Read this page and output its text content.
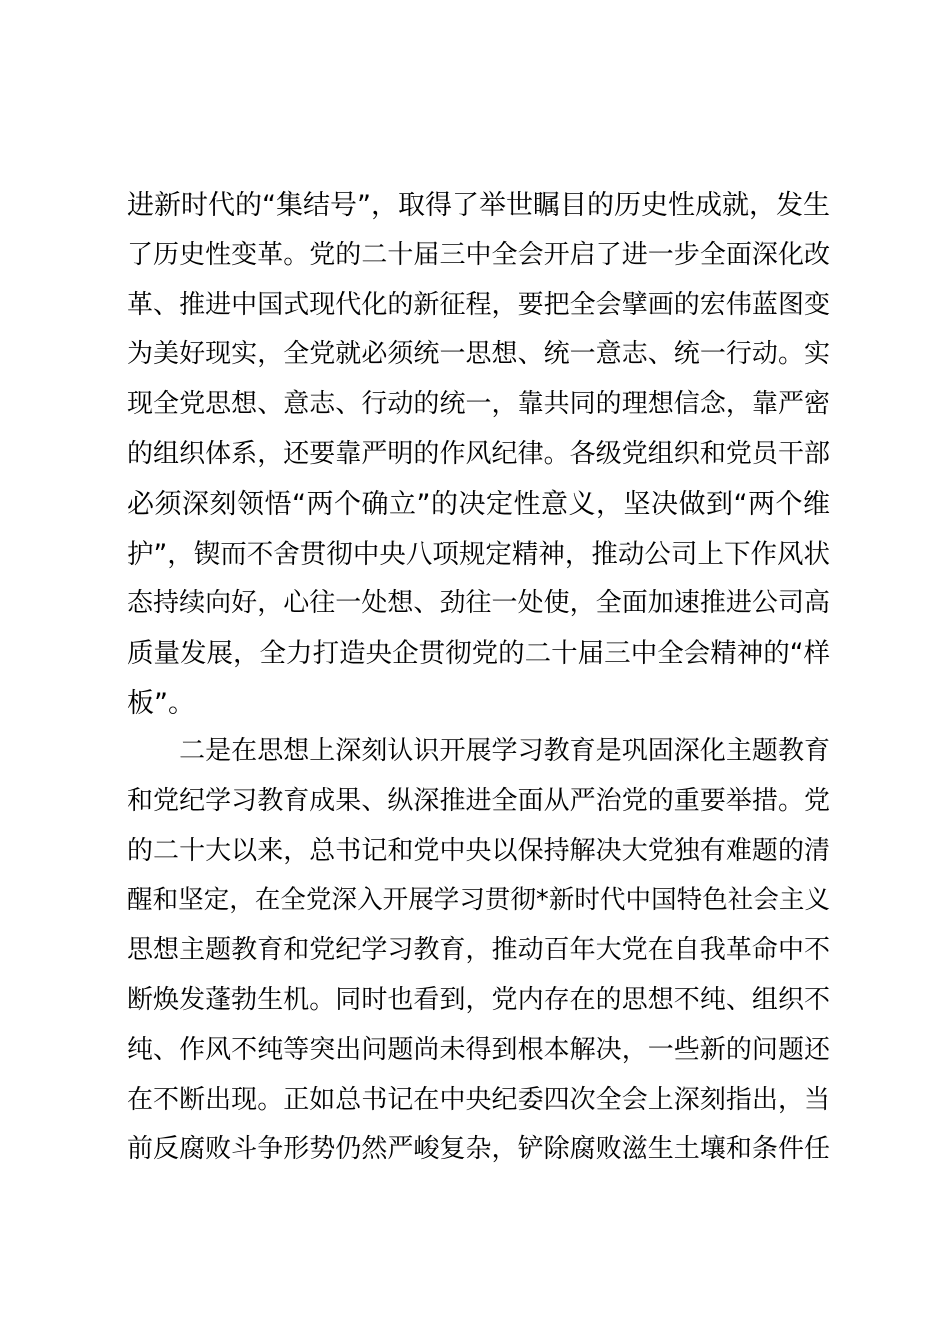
进新时代的“集结号”，取得了举世瞩目的历史性成就，发生
了历史性变革。党的二十届三中全会开启了进一步全面深化改
革、推进中国式现代化的新征程，要把全会擘画的宏伟蓝图变
为美好现实，全党就必须统一思想、统一意志、统一行动。实
现全党思想、意志、行动的统一，靠共同的理想信念，靠严密
的组织体系，还要靠严明的作风纪律。各级党组织和党员干部
必须深刻领悟“两个确立”的决定性意义，坚决做到“两个维
护”，锲而不舍贯彻中央八项规定精神，推动公司上下作风状
态持续向好，心往一处想、劲往一处使，全面加速推进公司高
质量发展，全力打造央企贯彻党的二十届三中全会精神的“样
板”。
　　二是在思想上深刻认识开展学习教育是巩固深化主题教育
和党纪学习教育成果、纵深推进全面从严治党的重要举措。党
的二十大以来，总书记和党中央以保持解决大党独有难题的清
醒和坚定，在全党深入开展学习贯彻*新时代中国特色社会主义
思想主题教育和党纪学习教育，推动百年大党在自我革命中不
断焕发蓬勃生机。同时也看到，党内存在的思想不纯、组织不
纯、作风不纯等突出问题尚未得到根本解决，一些新的问题还
在不断出现。正如总书记在中央纪委四次全会上深刻指出，当
前反腐败斗争形势仍然严峻复杂，铲除腐败滋生土壤和条件任
